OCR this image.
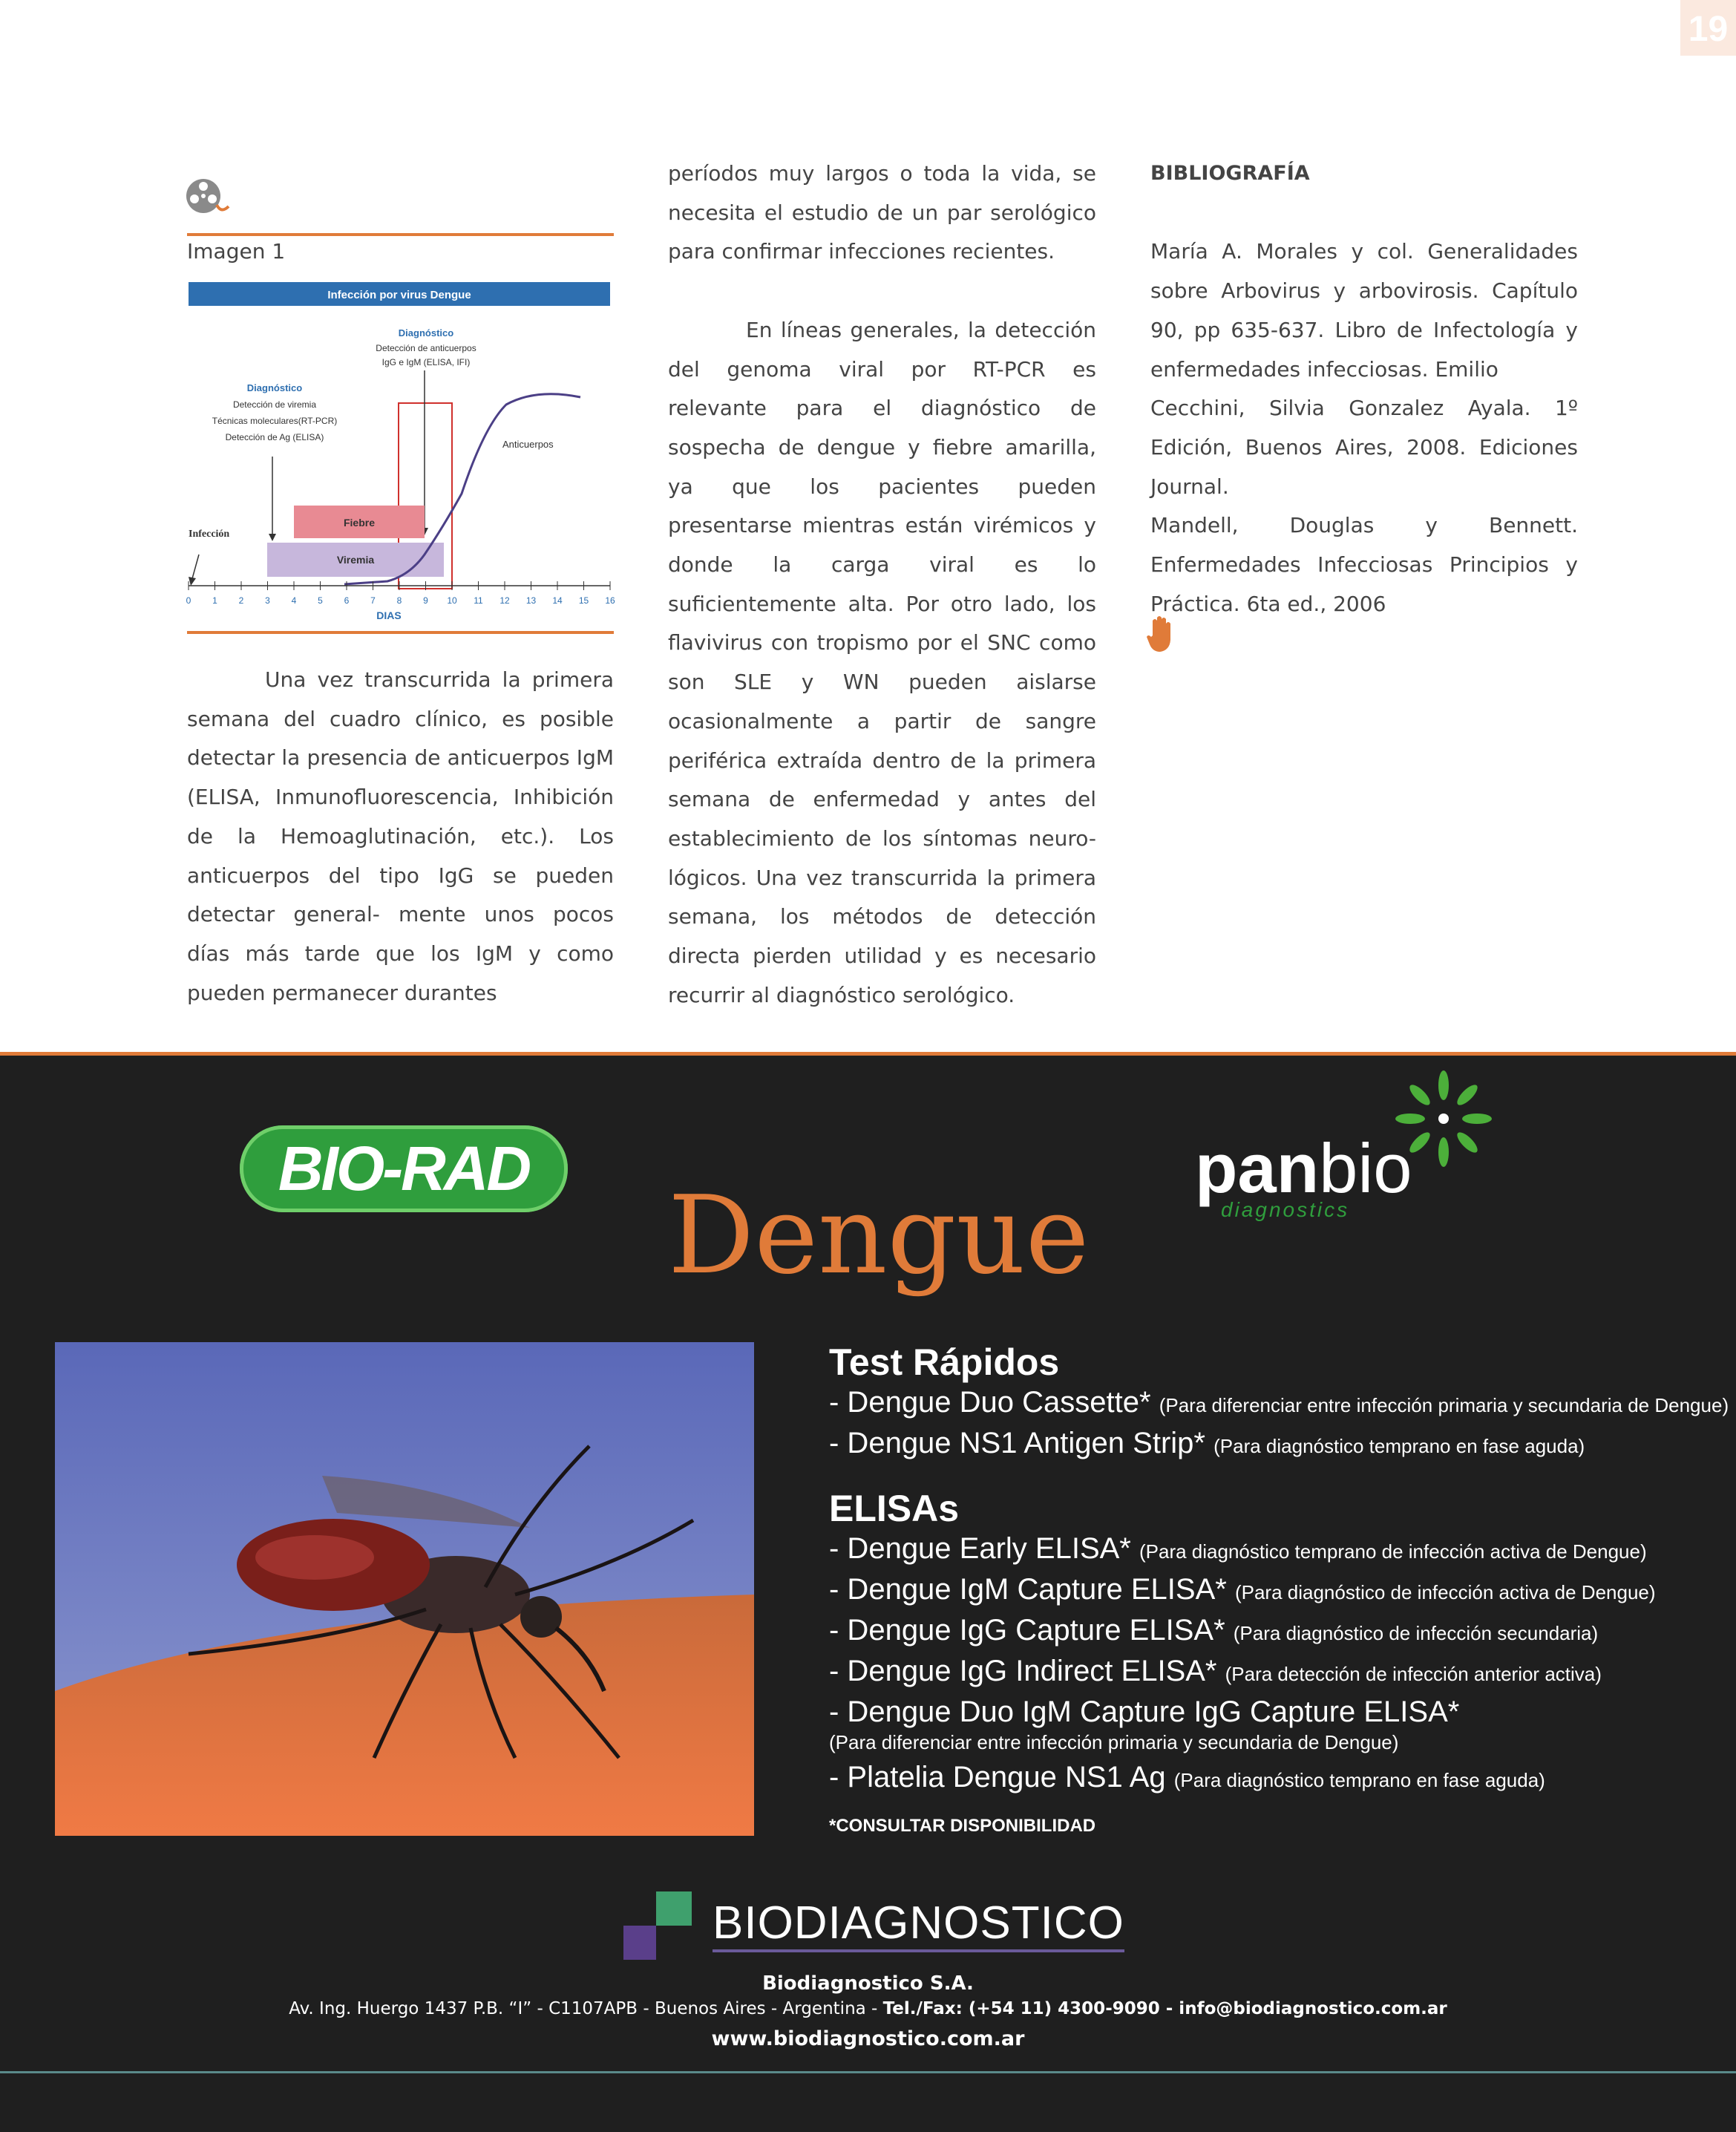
19
Imagen 1
Infección por virus Dengue
Diagnóstico
Detección de anticuerpos
IgG e IgM (ELISA, IFI)
Diagnóstico
Detección de viremia
Técnicas moleculares(RT-PCR)
Detección de Ag (ELISA)
Fiebre
Viremia
Infección
Anticuerpos
0 1 2 3 4 5 6 7 8 9 10 11 12 13 14 15 16
DIAS

Una vez transcurrida la primera semana del cuadro clínico, es posible detectar la presencia de anticuerpos IgM (ELISA, Inmunofluorescencia, Inhibición de la Hemoaglutinación, etc.). Los anticuerpos del tipo IgG se pueden detectar general- mente unos pocos días más tarde que los IgM y como pueden permanecer durantes

períodos muy largos o toda la vida, se necesita el estudio de un par serológico para confirmar infecciones recientes.

En líneas generales, la detección del genoma viral por RT-PCR es relevante para el diagnóstico de sospecha de dengue y fiebre amarilla, ya que los pacientes pueden presentarse mientras están virémicos y donde la carga viral es lo suficientemente alta. Por otro lado, los flavivirus con tropismo por el SNC como son SLE y WN pueden aislarse ocasionalmente a partir de sangre periférica extraída dentro de la primera semana de enfermedad y antes del establecimiento de los síntomas neuro- lógicos. Una vez transcurrida la primera semana, los métodos de detección directa pierden utilidad y es necesario recurrir al diagnóstico serológico.

BIBLIOGRAFÍA

María A. Morales y col. Generalidades sobre Arbovirus y arbovirosis. Capítulo 90, pp 635-637. Libro de Infectología y enfermedades infecciosas. Emilio

Cecchini, Silvia Gonzalez Ayala. 1º Edición, Buenos Aires, 2008. Ediciones Journal.

Mandell, Douglas y Bennett. Enfermedades Infecciosas Principios y Práctica. 6ta ed., 2006

BIO-RAD
Dengue
panbio
diagnostics
Test Rápidos
- Dengue Duo Cassette* (Para diferenciar entre infección primaria y secundaria de Dengue)
- Dengue NS1 Antigen Strip* (Para diagnóstico temprano en fase aguda)
ELISAs
- Dengue Early ELISA* (Para diagnóstico temprano de infección activa de Dengue)
- Dengue IgM Capture ELISA* (Para diagnóstico de infección activa de Dengue)
- Dengue IgG Capture ELISA* (Para diagnóstico de infección secundaria)
- Dengue IgG Indirect ELISA* (Para detección de infección anterior activa)
- Dengue Duo IgM Capture IgG Capture ELISA*
(Para diferenciar entre infección primaria y secundaria de Dengue)
- Platelia Dengue NS1 Ag (Para diagnóstico temprano en fase aguda)
*CONSULTAR DISPONIBILIDAD
BIODIAGNOSTICO
Biodiagnostico S.A.
Av. Ing. Huergo 1437 P.B. “I” - C1107APB - Buenos Aires - Argentina - Tel./Fax: (+54 11) 4300-9090 - info@biodiagnostico.com.ar
www.biodiagnostico.com.ar
